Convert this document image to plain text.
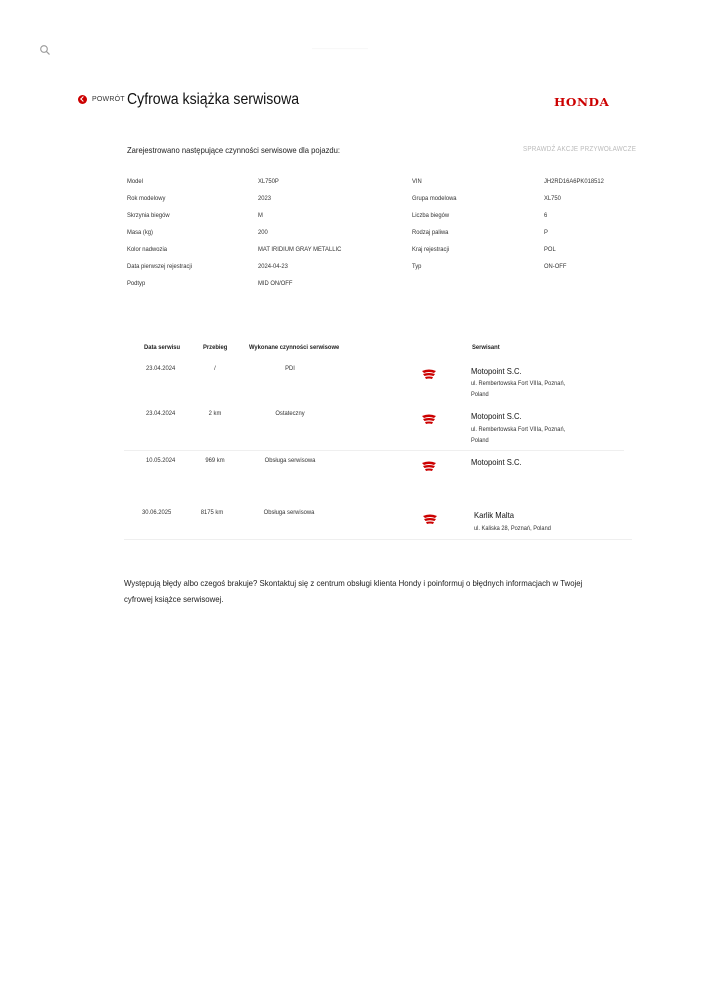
———————
POWRÓT Cyfrowa książka serwisowa	HONDA
Zarejestrowano następujące czynności serwisowe dla pojazdu:	SPRAWDŹ AKCJE PRZYWOŁAWCZE
Model	XL750P
Rok modelowy	2023
Skrzynia biegów	M
Masa (kg)	200
Kolor nadwozia	MAT IRIDIUM GRAY METALLIC
Data pierwszej rejestracji	2024-04-23
Podtyp	MID ON/OFF
VIN	JH2RD16A6PK018512
Grupa modelowa	XL750
Liczba biegów	6
Rodzaj paliwa	P
Kraj rejestracji	POL
Typ	ON-OFF
Data serwisu	Przebieg	Wykonane czynności serwisowe	Serwisant
23.04.2024	/	PDI	Motopoint S.C.
ul. Rembertowska Fort VIIIa, Poznań,
Poland
23.04.2024	2 km	Ostateczny	Motopoint S.C.
ul. Rembertowska Fort VIIIa, Poznań,
Poland
10.05.2024	969 km	Obsługa serwisowa	Motopoint S.C.
30.06.2025	8175 km	Obsługa serwisowa	Karlik Malta
ul. Kaliska 28, Poznań, Poland
Występują błędy albo czegoś brakuje? Skontaktuj się z centrum obsługi klienta Hondy i poinformuj o błędnych informacjach w Twojej cyfrowej książce serwisowej.
